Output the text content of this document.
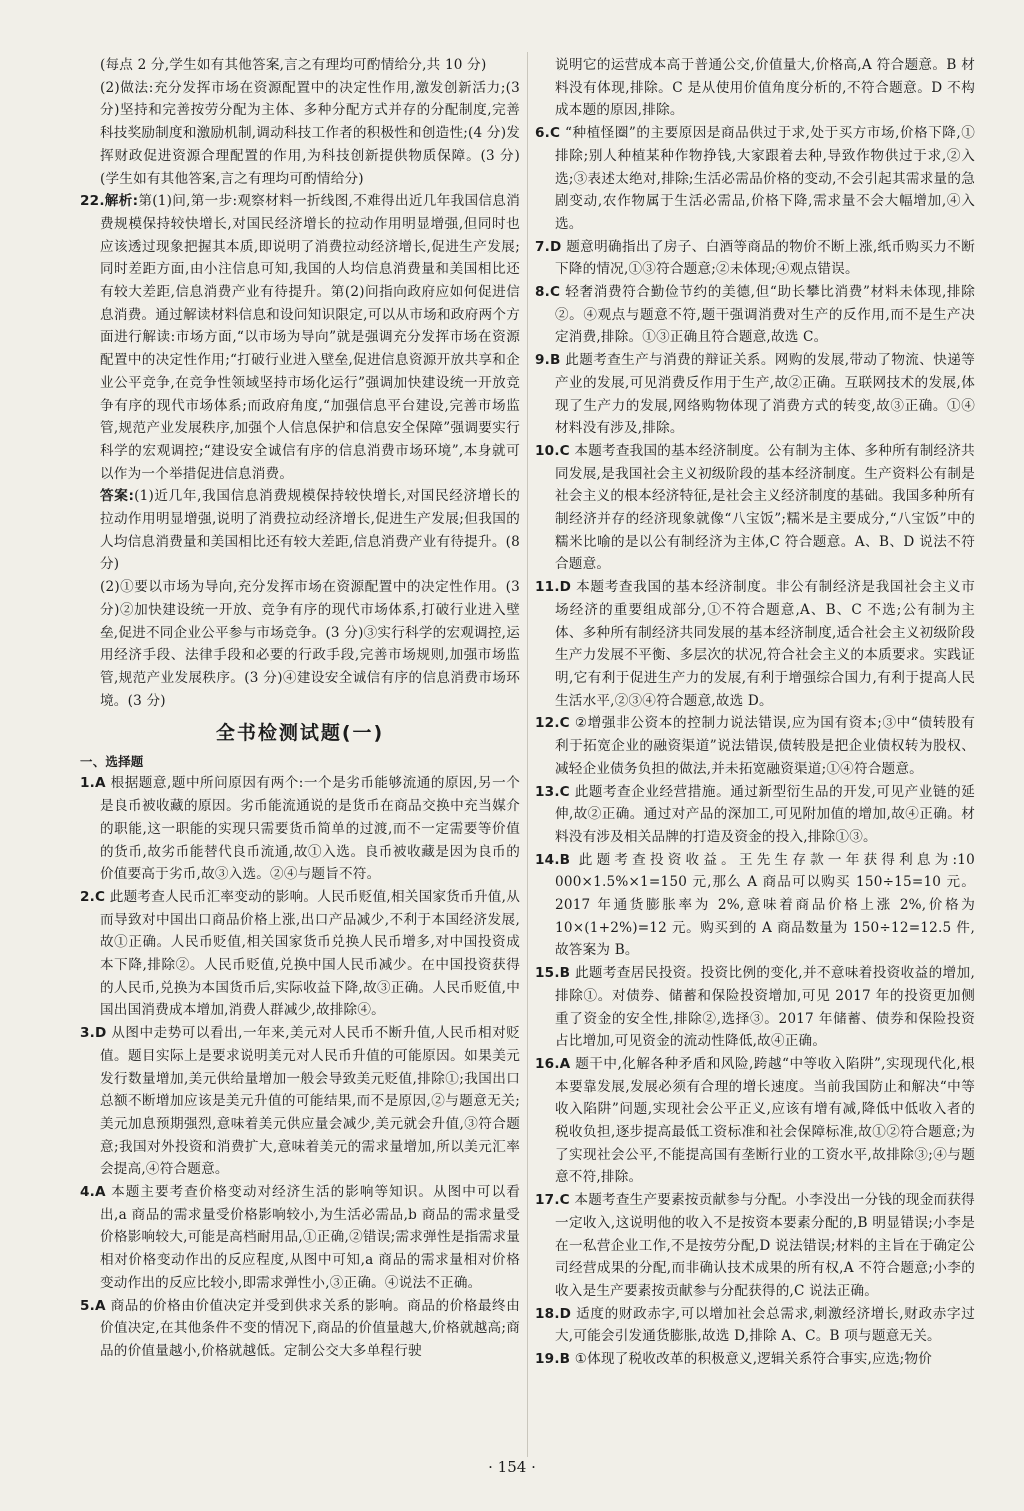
(每点 2 分,学生如有其他答案,言之有理均可酌情给分,共 10 分)

(2)做法:充分发挥市场在资源配置中的决定性作用,激发创新活力;(3 分)坚持和完善按劳分配为主体、多种分配方式并存的分配制度,完善科技奖励制度和激励机制,调动科技工作者的积极性和创造性;(4 分)发挥财政促进资源合理配置的作用,为科技创新提供物质保障。(3 分)(学生如有其他答案,言之有理均可酌情给分)

22.解析:第(1)问,第一步:观察材料一折线图,不难得出近几年我国信息消费规模保持较快增长,对国民经济增长的拉动作用明显增强,但同时也应该透过现象把握其本质,即说明了消费拉动经济增长,促进生产发展;同时差距方面,由小注信息可知,我国的人均信息消费量和美国相比还有较大差距,信息消费产业有待提升。第(2)问指向政府应如何促进信息消费。通过解读材料信息和设问知识限定,可以从市场和政府两个方面进行解读:市场方面,“以市场为导向”就是强调充分发挥市场在资源配置中的决定性作用;“打破行业进入壁垒,促进信息资源开放共享和企业公平竞争,在竞争性领域坚持市场化运行”强调加快建设统一开放竞争有序的现代市场体系;而政府角度,“加强信息平台建设,完善市场监管,规范产业发展秩序,加强个人信息保护和信息安全保障”强调要实行科学的宏观调控;“建设安全诚信有序的信息消费市场环境”,本身就可以作为一个举措促进信息消费。

答案:(1)近几年,我国信息消费规模保持较快增长,对国民经济增长的拉动作用明显增强,说明了消费拉动经济增长,促进生产发展;但我国的人均信息消费量和美国相比还有较大差距,信息消费产业有待提升。(8 分)

(2)①要以市场为导向,充分发挥市场在资源配置中的决定性作用。(3 分)②加快建设统一开放、竞争有序的现代市场体系,打破行业进入壁垒,促进不同企业公平参与市场竞争。(3 分)③实行科学的宏观调控,运用经济手段、法律手段和必要的行政手段,完善市场规则,加强市场监管,规范产业发展秩序。(3 分)④建设安全诚信有序的信息消费市场环境。(3 分)

全书检测试题(一)
一、选择题

1.A 根据题意,题中所问原因有两个:一个是劣币能够流通的原因,另一个是良币被收藏的原因。劣币能流通说的是货币在商品交换中充当媒介的职能,这一职能的实现只需要货币简单的过渡,而不一定需要等价值的货币,故劣币能替代良币流通,故①入选。良币被收藏是因为良币的价值要高于劣币,故③入选。②④与题旨不符。

2.C 此题考查人民币汇率变动的影响。人民币贬值,相关国家货币升值,从而导致对中国出口商品价格上涨,出口产品减少,不利于本国经济发展,故①正确。人民币贬值,相关国家货币兑换人民币增多,对中国投资成本下降,排除②。人民币贬值,兑换中国人民币减少。在中国投资获得的人民币,兑换为本国货币后,实际收益下降,故③正确。人民币贬值,中国出国消费成本增加,消费人群减少,故排除④。

3.D 从图中走势可以看出,一年来,美元对人民币不断升值,人民币相对贬值。题目实际上是要求说明美元对人民币升值的可能原因。如果美元发行数量增加,美元供给量增加一般会导致美元贬值,排除①;我国出口总额不断增加应该是美元升值的可能结果,而不是原因,②与题意无关;美元加息预期强烈,意味着美元供应量会减少,美元就会升值,③符合题意;我国对外投资和消费扩大,意味着美元的需求量增加,所以美元汇率会提高,④符合题意。

4.A 本题主要考查价格变动对经济生活的影响等知识。从图中可以看出,a 商品的需求量受价格影响较小,为生活必需品,b 商品的需求量受价格影响较大,可能是高档耐用品,①正确,②错误;需求弹性是指需求量相对价格变动作出的反应程度,从图中可知,a 商品的需求量相对价格变动作出的反应比较小,即需求弹性小,③正确。④说法不正确。

5.A 商品的价格由价值决定并受到供求关系的影响。商品的价格最终由价值决定,在其他条件不变的情况下,商品的价值量越大,价格就越高;商品的价值量越小,价格就越低。定制公交大多单程行驶

说明它的运营成本高于普通公交,价值量大,价格高,A 符合题意。B 材料没有体现,排除。C 是从使用价值角度分析的,不符合题意。D 不构成本题的原因,排除。

6.C “种植怪圈”的主要原因是商品供过于求,处于买方市场,价格下降,①排除;别人种植某种作物挣钱,大家跟着去种,导致作物供过于求,②入选;③表述太绝对,排除;生活必需品价格的变动,不会引起其需求量的急剧变动,农作物属于生活必需品,价格下降,需求量不会大幅增加,④入选。

7.D 题意明确指出了房子、白酒等商品的物价不断上涨,纸币购买力不断下降的情况,①③符合题意;②未体现;④观点错误。

8.C 轻奢消费符合勤俭节约的美德,但“助长攀比消费”材料未体现,排除②。④观点与题意不符,题干强调消费对生产的反作用,而不是生产决定消费,排除。①③正确且符合题意,故选 C。

9.B 此题考查生产与消费的辩证关系。网购的发展,带动了物流、快递等产业的发展,可见消费反作用于生产,故②正确。互联网技术的发展,体现了生产力的发展,网络购物体现了消费方式的转变,故③正确。①④材料没有涉及,排除。

10.C 本题考查我国的基本经济制度。公有制为主体、多种所有制经济共同发展,是我国社会主义初级阶段的基本经济制度。生产资料公有制是社会主义的根本经济特征,是社会主义经济制度的基础。我国多种所有制经济并存的经济现象就像“八宝饭”;糯米是主要成分,“八宝饭”中的糯米比喻的是以公有制经济为主体,C 符合题意。A、B、D 说法不符合题意。

11.D 本题考查我国的基本经济制度。非公有制经济是我国社会主义市场经济的重要组成部分,①不符合题意,A、B、C 不选;公有制为主体、多种所有制经济共同发展的基本经济制度,适合社会主义初级阶段生产力发展不平衡、多层次的状况,符合社会主义的本质要求。实践证明,它有利于促进生产力的发展,有利于增强综合国力,有利于提高人民生活水平,②③④符合题意,故选 D。

12.C ②增强非公资本的控制力说法错误,应为国有资本;③中“债转股有利于拓宽企业的融资渠道”说法错误,债转股是把企业债权转为股权、减轻企业债务负担的做法,并未拓宽融资渠道;①④符合题意。

13.C 此题考查企业经营措施。通过新型衍生品的开发,可见产业链的延伸,故②正确。通过对产品的深加工,可见附加值的增加,故④正确。材料没有涉及相关品牌的打造及资金的投入,排除①③。

14.B 此题考查投资收益。王先生存款一年获得利息为:10 000×1.5%×1=150 元,那么 A 商品可以购买 150÷15=10 元。2017 年通货膨胀率为 2%,意味着商品价格上涨 2%,价格为 10×(1+2%)=12 元。购买到的 A 商品数量为 150÷12=12.5 件,故答案为 B。

15.B 此题考查居民投资。投资比例的变化,并不意味着投资收益的增加,排除①。对债券、储蓄和保险投资增加,可见 2017 年的投资更加侧重了资金的安全性,排除②,选择③。2017 年储蓄、债券和保险投资占比增加,可见资金的流动性降低,故④正确。

16.A 题干中,化解各种矛盾和风险,跨越“中等收入陷阱”,实现现代化,根本要靠发展,发展必须有合理的增长速度。当前我国防止和解决“中等收入陷阱”问题,实现社会公平正义,应该有增有减,降低中低收入者的税收负担,逐步提高最低工资标准和社会保障标准,故①②符合题意;为了实现社会公平,不能提高国有垄断行业的工资水平,故排除③;④与题意不符,排除。

17.C 本题考查生产要素按贡献参与分配。小李没出一分钱的现金而获得一定收入,这说明他的收入不是按资本要素分配的,B 明显错误;小李是在一私营企业工作,不是按劳分配,D 说法错误;材料的主旨在于确定公司经营成果的分配,而非确认技术成果的所有权,A 不符合题意;小李的收入是生产要素按贡献参与分配获得的,C 说法正确。

18.D 适度的财政赤字,可以增加社会总需求,刺激经济增长,财政赤字过大,可能会引发通货膨胀,故选 D,排除 A、C。B 项与题意无关。

19.B ①体现了税收改革的积极意义,逻辑关系符合事实,应选;物价

· 154 ·
